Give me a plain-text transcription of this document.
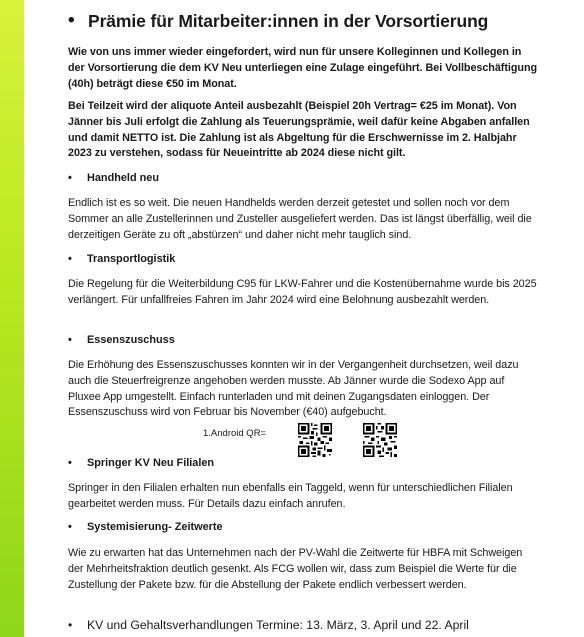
• Prämie für Mitarbeiter:innen in der Vorsortierung

Wie von uns immer wieder eingefordert, wird nun für unsere Kolleginnen und Kollegen in der Vorsortierung die dem KV Neu unterliegen eine Zulage eingeführt. Bei Vollbeschäftigung (40h) beträgt diese €50 im Monat.

Bei Teilzeit wird der aliquote Anteil ausbezahlt (Beispiel 20h Vertrag= €25 im Monat). Von Jänner bis Juli erfolgt die Zahlung als Teuerungsprämie, weil dafür keine Abgaben anfallen und damit NETTO ist. Die Zahlung ist als Abgeltung für die Erschwernisse im 2. Halbjahr 2023 zu verstehen, sodass für Neueintritte ab 2024 diese nicht gilt.

• Handheld neu

Endlich ist es so weit. Die neuen Handhelds werden derzeit getestet und sollen noch vor dem Sommer an alle Zustellerinnen und Zusteller ausgeliefert werden. Das ist längst überfällig, weil die derzeitigen Geräte zu oft „abstürzen“ und daher nicht mehr tauglich sind.

• Transportlogistik

Die Regelung für die Weiterbildung C95 für LKW-Fahrer und die Kostenübernahme wurde bis 2025 verlängert. Für unfallfreies Fahren im Jahr 2024 wird eine Belohnung ausbezahlt werden.

• Essenszuschuss

Die Erhöhung des Essenszuschusses konnten wir in der Vergangenheit durchsetzen, weil dazu auch die Steuerfreigrenze angehoben werden musste. Ab Jänner wurde die Sodexo App auf Pluxee App umgestellt. Einfach runterladen und mit deinen Zugangsdaten einloggen. Der Essenszuschuss wird von Februar bis November (€40) aufgebucht.

1.Android QR=
• Springer KV Neu Filialen

Springer in den Filialen erhalten nun ebenfalls ein Taggeld, wenn für unterschiedlichen Filialen gearbeitet werden muss. Für Details dazu einfach anrufen.

• Systemisierung- Zeitwerte

Wie zu erwarten hat das Unternehmen nach der PV-Wahl die Zeitwerte für HBFA mit Schweigen der Mehrheitsfraktion deutlich gesenkt. Als FCG wollen wir, dass zum Beispiel die Werte für die Zustellung der Pakete bzw. für die Abstellung der Pakete endlich verbessert werden.

• KV und Gehaltsverhandlungen Termine: 13. März, 3. April und 22. April
